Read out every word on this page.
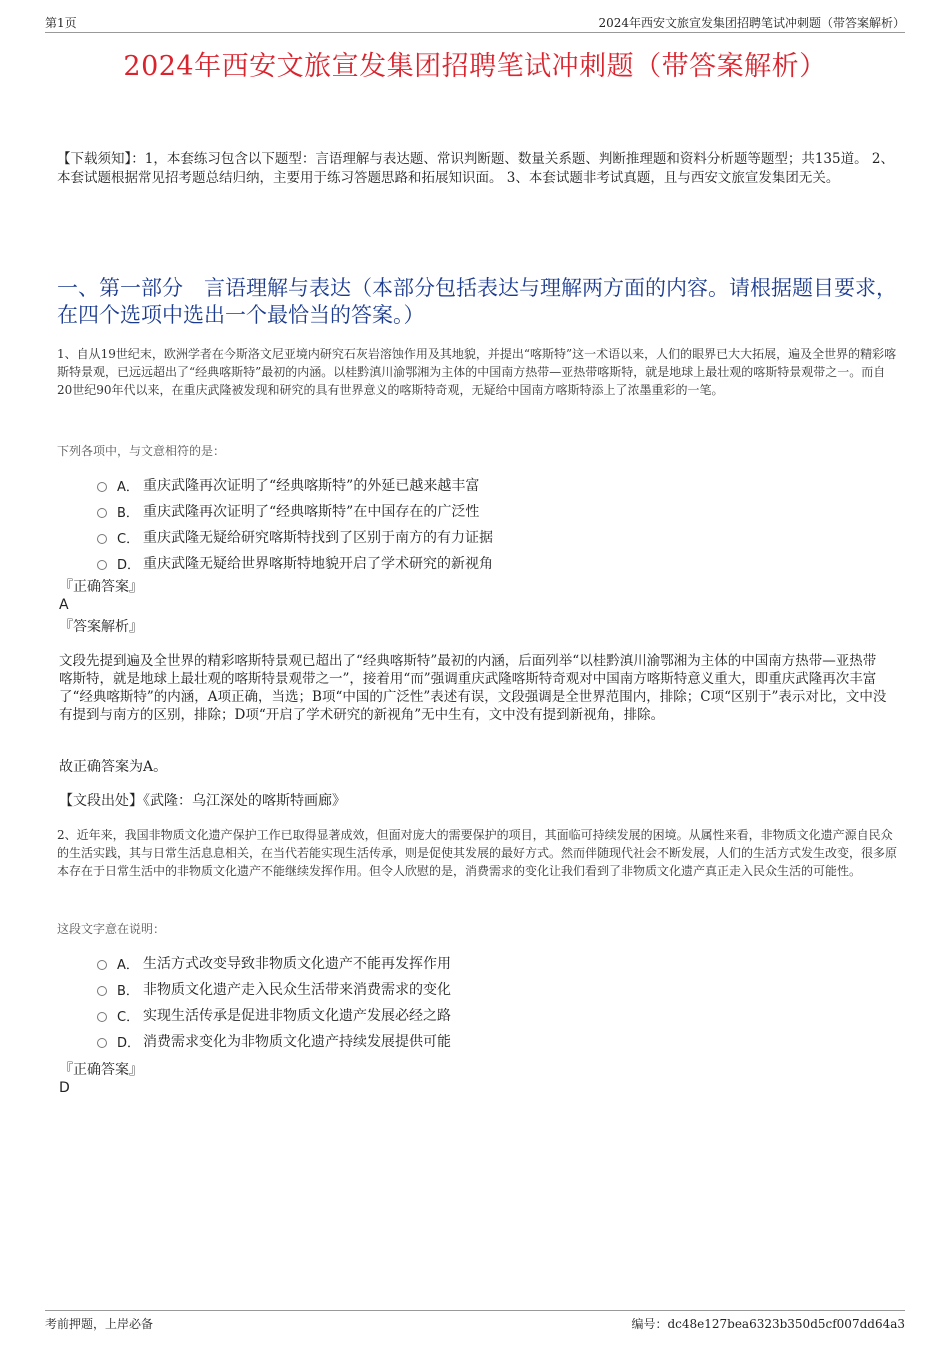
第1页	2024年西安文旅宣发集团招聘笔试冲刺题（带答案解析）
2024年西安文旅宣发集团招聘笔试冲刺题（带答案解析）
【下载须知】：1，本套练习包含以下题型：言语理解与表达题、常识判断题、数量关系题、判断推理题和资料分析题等题型；共135道。 2、本套试题根据常见招考题总结归纳，主要用于练习答题思路和拓展知识面。 3、本套试题非考试真题，且与西安文旅宣发集团无关。
一、第一部分　言语理解与表达（本部分包括表达与理解两方面的内容。请根据题目要求，在四个选项中选出一个最恰当的答案。）
1、自从19世纪末，欧洲学者在今斯洛文尼亚境内研究石灰岩溶蚀作用及其地貌，并提出“喀斯特”这一术语以来，人们的眼界已大大拓展，遍及全世界的精彩喀斯特景观，已远远超出了“经典喀斯特”最初的内涵。以桂黔滇川渝鄂湘为主体的中国南方热带—亚热带喀斯特，就是地球上最壮观的喀斯特景观带之一。而自20世纪90年代以来，在重庆武隆被发现和研究的具有世界意义的喀斯特奇观，无疑给中国南方喀斯特添上了浓墨重彩的一笔。
下列各项中，与文意相符的是：
A． 重庆武隆再次证明了“经典喀斯特”的外延已越来越丰富
B． 重庆武隆再次证明了“经典喀斯特”在中国存在的广泛性
C． 重庆武隆无疑给研究喀斯特找到了区别于南方的有力证据
D． 重庆武隆无疑给世界喀斯特地貌开启了学术研究的新视角
『正确答案』
A
『答案解析』
文段先提到遍及全世界的精彩喀斯特景观已超出了“经典喀斯特”最初的内涵，后面列举“以桂黔滇川渝鄂湘为主体的中国南方热带—亚热带喀斯特，就是地球上最壮观的喀斯特景观带之一”，接着用“而”强调重庆武隆喀斯特奇观对中国南方喀斯特意义重大，即重庆武隆再次丰富了“经典喀斯特”的内涵，A项正确，当选；B项“中国的广泛性”表述有误，文段强调是全世界范围内，排除；C项“区别于”表示对比，文中没有提到与南方的区别，排除；D项“开启了学术研究的新视角”无中生有，文中没有提到新视角，排除。
故正确答案为A。
【文段出处】《武隆：乌江深处的喀斯特画廊》
2、近年来，我国非物质文化遗产保护工作已取得显著成效，但面对庞大的需要保护的项目，其面临可持续发展的困境。从属性来看，非物质文化遗产源自民众的生活实践，其与日常生活息息相关，在当代若能实现生活传承，则是促使其发展的最好方式。然而伴随现代社会不断发展，人们的生活方式发生改变，很多原本存在于日常生活中的非物质文化遗产不能继续发挥作用。但令人欣慰的是，消费需求的变化让我们看到了非物质文化遗产真正走入民众生活的可能性。
这段文字意在说明：
A． 生活方式改变导致非物质文化遗产不能再发挥作用
B． 非物质文化遗产走入民众生活带来消费需求的变化
C． 实现生活传承是促进非物质文化遗产发展必经之路
D． 消费需求变化为非物质文化遗产持续发展提供可能
『正确答案』
D
考前押题，上岸必备	编号：dc48e127bea6323b350d5cf007dd64a3
